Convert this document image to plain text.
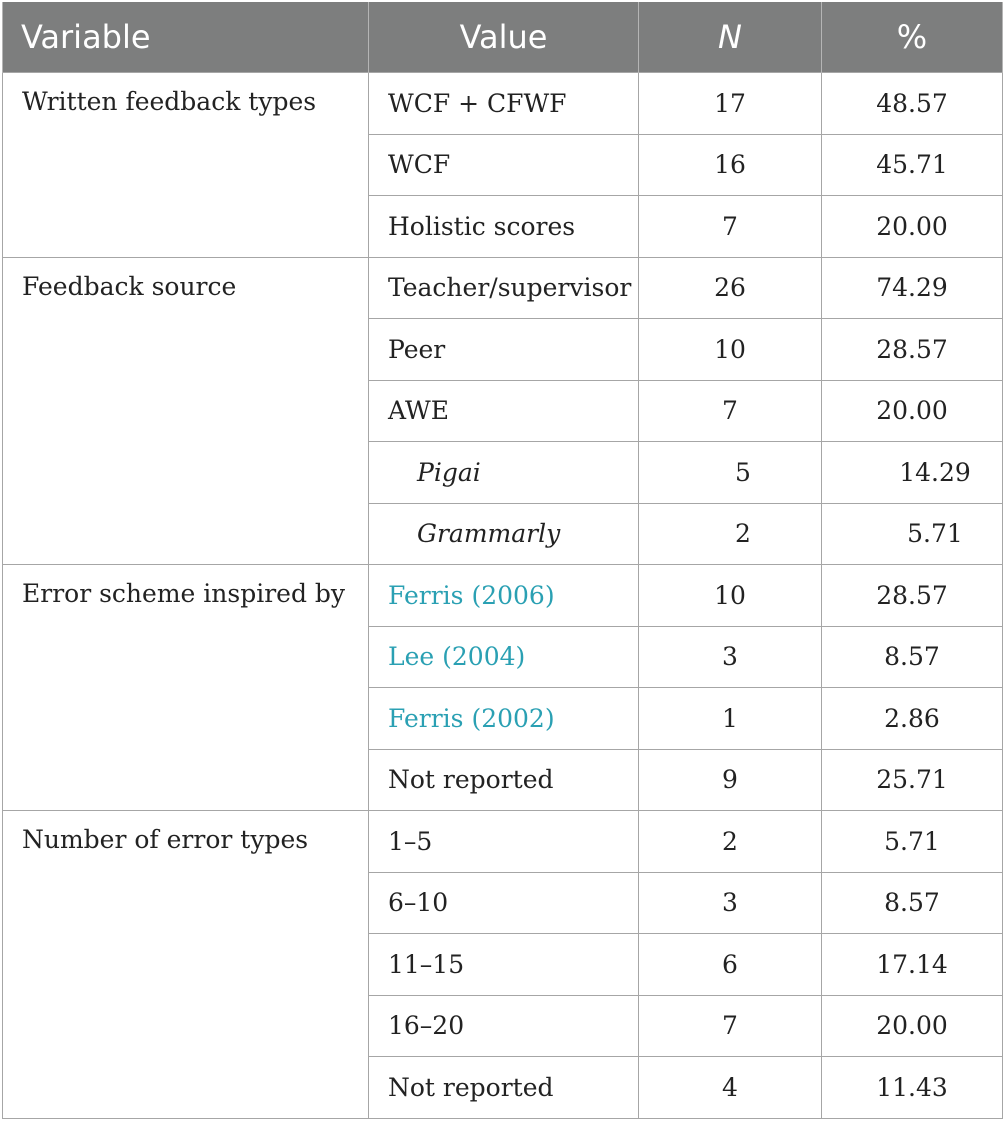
Variable	Value	N	%
Written feedback types	WCF + CFWF	17	48.57
	WCF	16	45.71
	Holistic scores	7	20.00
Feedback source	Teacher/supervisor	26	74.29
	Peer	10	28.57
	AWE	7	20.00
	Pigai	5	14.29
	Grammarly	2	5.71
Error scheme inspired by	Ferris (2006)	10	28.57
	Lee (2004)	3	8.57
	Ferris (2002)	1	2.86
	Not reported	9	25.71
Number of error types	1–5	2	5.71
	6–10	3	8.57
	11–15	6	17.14
	16–20	7	20.00
	Not reported	4	11.43
